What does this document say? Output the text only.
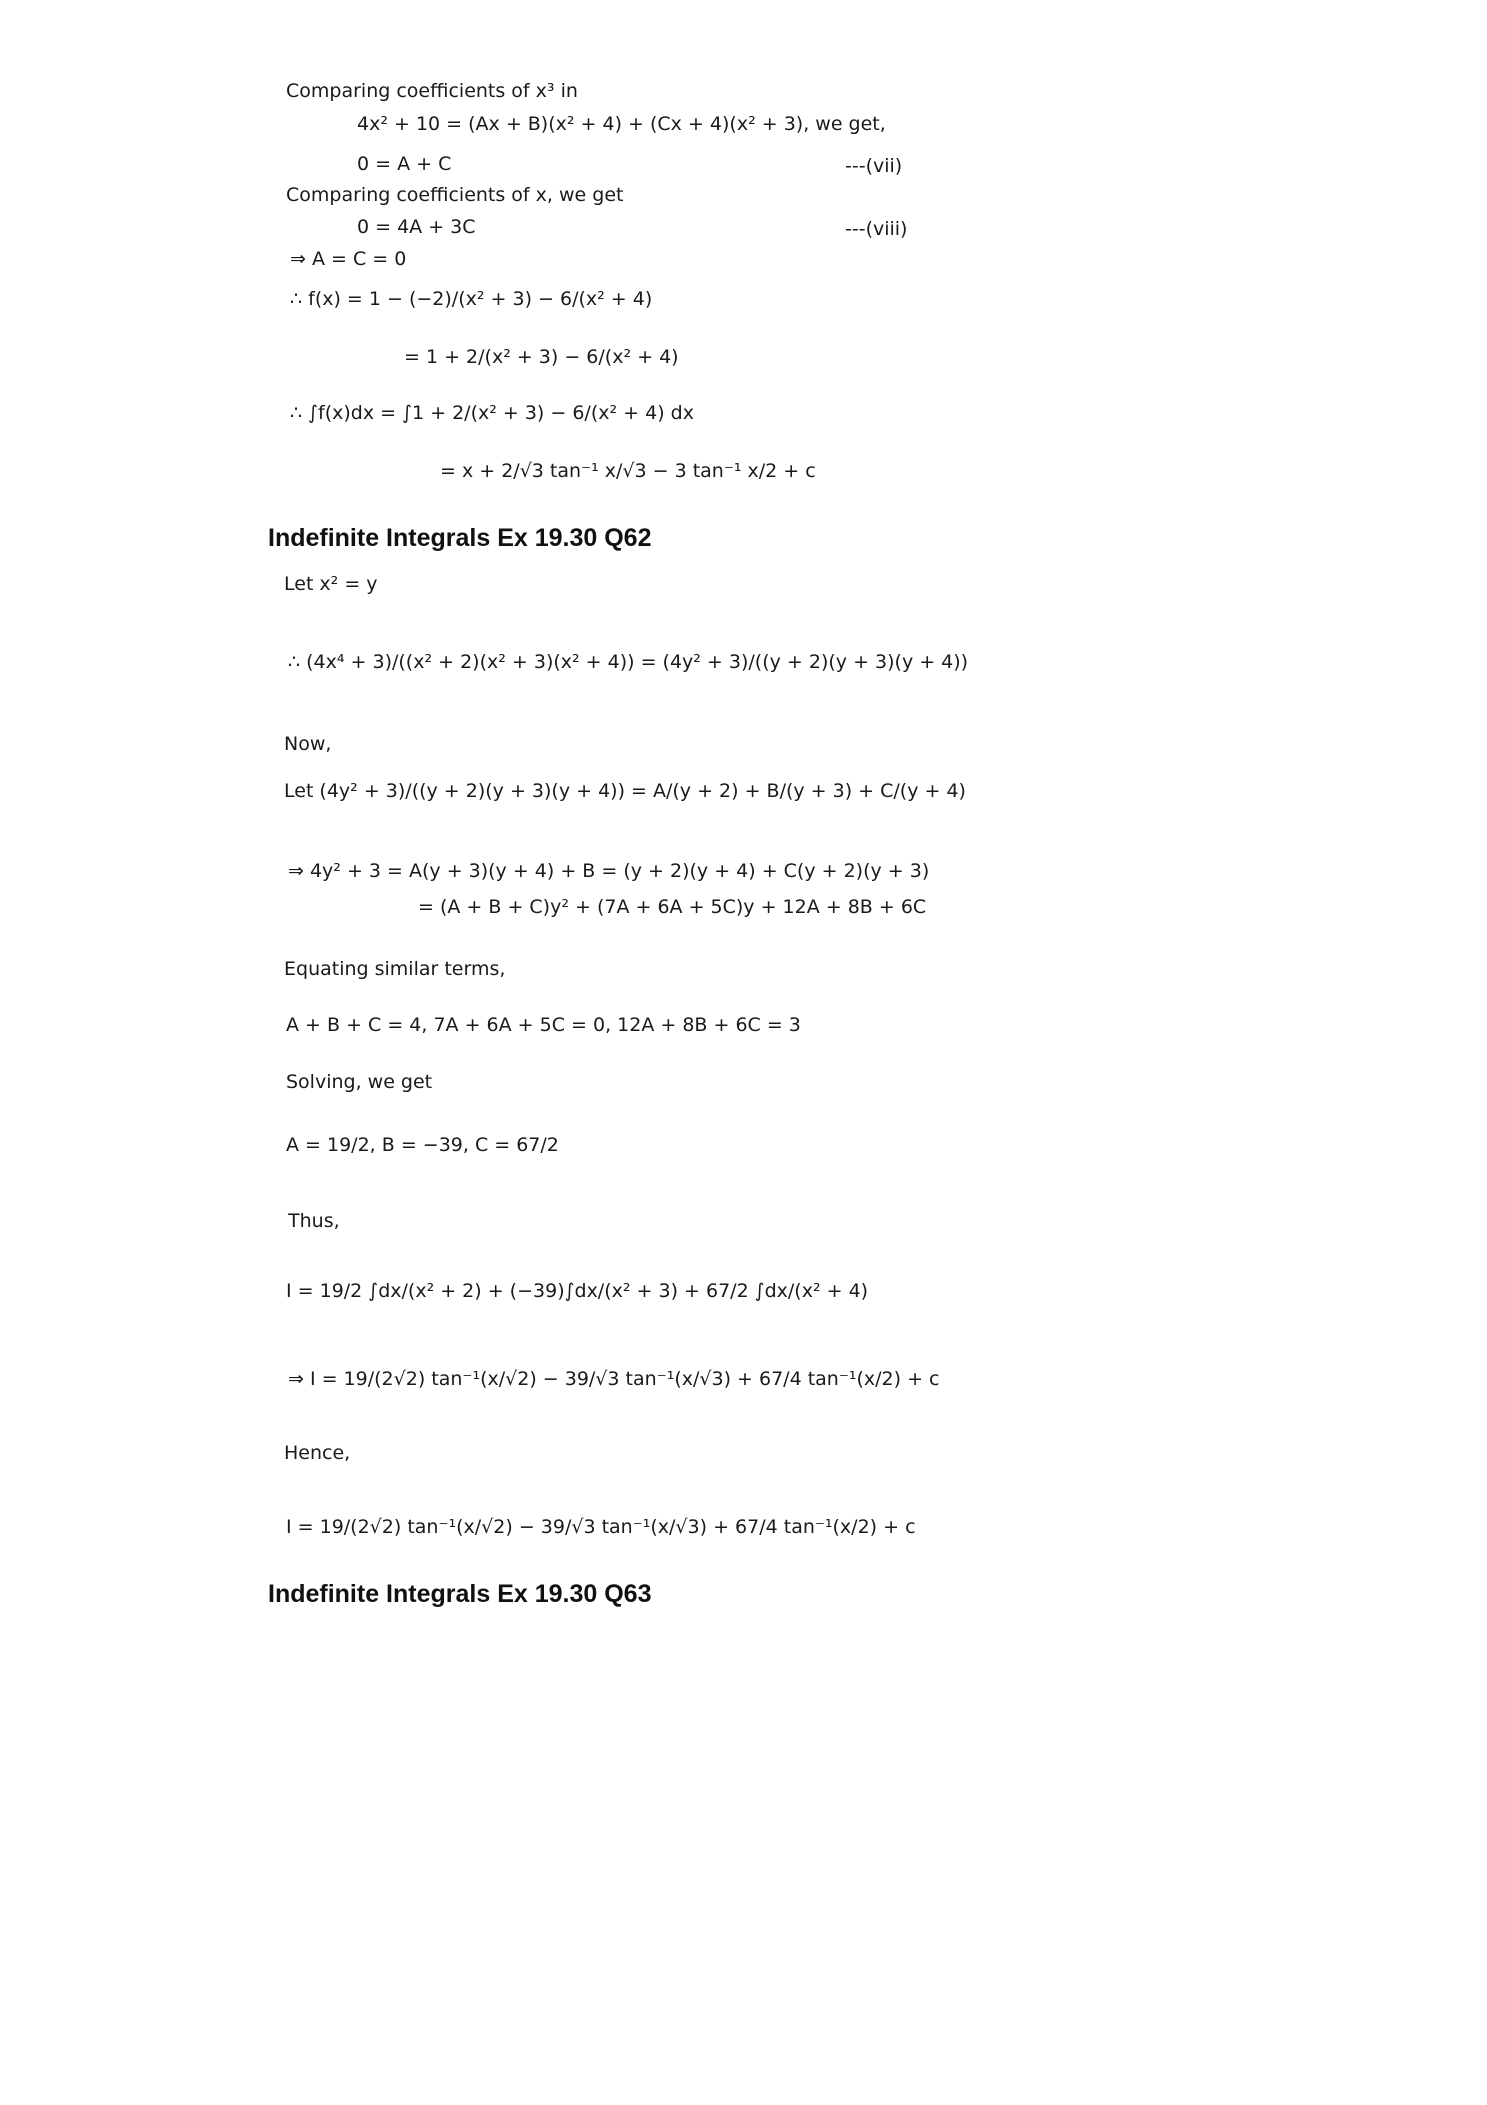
Comparing coefficients of x³ in
4x² + 10 = (Ax + B)(x² + 4) + (Cx + 4)(x² + 3), we get,
0 = A + C	---(vii)
Comparing coefficients of x, we get
0 = 4A + 3C	---(viii)
⇒ A = C = 0
∴ f(x) = 1 − (−2)/(x² + 3) − 6/(x² + 4)
= 1 + 2/(x² + 3) − 6/(x² + 4)
∴ ∫f(x)dx = ∫1 + 2/(x² + 3) − 6/(x² + 4) dx
= x + 2/√3 tan⁻¹ x/√3 − 3 tan⁻¹ x/2 + c
Indefinite Integrals Ex 19.30 Q62
Let x² = y
∴ (4x⁴ + 3)/((x² + 2)(x² + 3)(x² + 4)) = (4y² + 3)/((y + 2)(y + 3)(y + 4))
Now,
Let (4y² + 3)/((y + 2)(y + 3)(y + 4)) = A/(y + 2) + B/(y + 3) + C/(y + 4)
⇒ 4y² + 3 = A(y + 3)(y + 4) + B = (y + 2)(y + 4) + C(y + 2)(y + 3)
= (A + B + C)y² + (7A + 6A + 5C)y + 12A + 8B + 6C
Equating similar terms,
A + B + C = 4, 7A + 6A + 5C = 0, 12A + 8B + 6C = 3
Solving, we get
A = 19/2, B = −39, C = 67/2
Thus,
I = 19/2 ∫dx/(x² + 2) + (−39)∫dx/(x² + 3) + 67/2 ∫dx/(x² + 4)
⇒ I = 19/(2√2) tan⁻¹(x/√2) − 39/√3 tan⁻¹(x/√3) + 67/4 tan⁻¹(x/2) + c
Hence,
I = 19/(2√2) tan⁻¹(x/√2) − 39/√3 tan⁻¹(x/√3) + 67/4 tan⁻¹(x/2) + c
Indefinite Integrals Ex 19.30 Q63
